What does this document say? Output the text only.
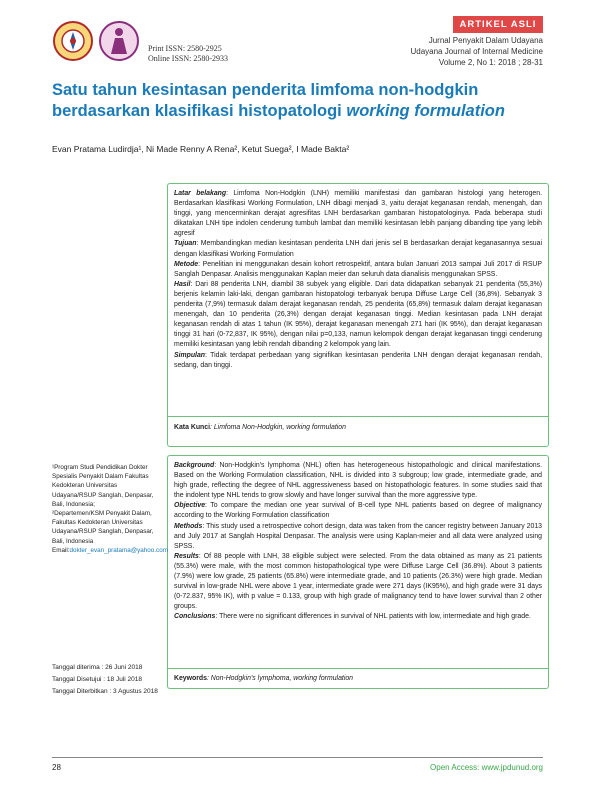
ARTIKEL ASLI
Print ISSN: 2580-2925
Online ISSN: 2580-2933
Jurnal Penyakit Dalam Udayana
Udayana Journal of Internal Medicine
Volume 2, No 1: 2018 ; 28-31
Satu tahun kesintasan penderita limfoma non-hodgkin
berdasarkan klasifikasi histopatologi working formulation
Evan Pratama Ludirdja¹, Ni Made Renny A Rena², Ketut Suega², I Made Bakta²

Latar belakang: Limfoma Non-Hodgkin (LNH) memiliki manifestasi dan gambaran histologi yang heterogen. Berdasarkan klasifikasi Working Formulation, LNH dibagi menjadi 3, yaitu derajat keganasan rendah, menengah, dan tinggi, yang mencerminkan derajat agresifitas LNH berdasarkan gambaran histopatologinya. Pada beberapa studi dikatakan LNH tipe indolen cenderung tumbuh lambat dan memiliki kesintasan lebih panjang dibanding tipe yang lebih agresif

Tujuan: Membandingkan median kesintasan penderita LNH dari jenis sel B berdasarkan derajat keganasannya sesuai dengan klasifikasi Working Formulation

Metode: Penelitian ini menggunakan desain kohort retrospektif, antara bulan Januari 2013 sampai Juli 2017 di RSUP Sanglah Denpasar. Analisis menggunakan Kaplan meier dan seluruh data dianalisis menggunakan SPSS.

Hasil: Dari 88 penderita LNH, diambil 38 subyek yang eligible. Dari data didapatkan sebanyak 21 penderita (55,3%) berjenis kelamin laki-laki, dengan gambaran histopatologi terbanyak berupa Diffuse Large Cell (36,8%). Sebanyak 3 penderita (7,9%) termasuk dalam derajat keganasan rendah, 25 penderita (65,8%) termasuk dalam derajat keganasan menengah, dan 10 penderita (26,3%) dengan derajat keganasan tinggi. Median kesintasan pada LNH derajat keganasan rendah di atas 1 tahun (IK 95%), derajat keganasan menengah 271 hari (IK 95%), dan derajat keganasan tinggi 31 hari (0-72,837, IK 95%), dengan nilai p=0,133, namun kelompok dengan derajat keganasan tinggi cenderung memiliki kesintasan yang lebih rendah dibanding 2 kelompok yang lain.

Simpulan: Tidak terdapat perbedaan yang signifikan kesintasan penderita LNH dengan derajat keganasan rendah, sedang, dan tinggi.

Kata Kunci: Limfoma Non-Hodgkin, working formulation

Background: Non-Hodgkin's lymphoma (NHL) often has heterogeneous histopathologic and clinical manifestations. Based on the Working Formulation classification, NHL is divided into 3 subgroup; low grade, intermediate grade, and high grade, reflecting the degree of NHL aggressiveness based on histopathologic features. In some studies said that the indolent type NHL tends to grow slowly and have longer survival than the more aggressive type.

Objective: To compare the median one year survival of B-cell type NHL patients based on degree of malignancy according to the Working Formulation classification

Methods: This study used a retrospective cohort design, data was taken from the cancer registry between January 2013 and July 2017 at Sanglah Hospital Denpasar. The analysis were using Kaplan-meier and all data were analyzed using SPSS.

Results: Of 88 people with LNH, 38 eligible subject were selected. From the data obtained as many as 21 patients (55.3%) were male, with the most common histopathological type were Diffuse Large Cell (36.8%). About 3 patients (7.9%) were low grade, 25 patients (65.8%) were intermediate grade, and 10 patients (26.3%) were high grade. Median survival in low-grade NHL were above 1 year, intermediate grade were 271 days (IK95%), and high grade were 31 days (0-72.837, 95% IK), with p value = 0.133, group with high grade of malignancy tend to have lower survival than 2 other groups.

Conclusions: There were no significant differences in survival of NHL patients with low, intermediate and high grade.

Keywords: Non-Hodgkin's lymphoma, working formulation

¹Program Studi Pendidikan Dokter Spesialis Penyakit Dalam Fakultas Kedokteran Universitas Udayana/RSUP Sanglah, Denpasar, Bali, Indonesia;

²Departemen/KSM Penyakit Dalam, Fakultas Kedokteran Universitas Udayana/RSUP Sanglah, Denpasar, Bali, Indonesia

Email:dokter_evan_pratama@yahoo.com

Tanggal diterima : 26 Juni 2018
Tanggal Disetujui : 18 Juli 2018
Tanggal Diterbitkan : 3 Agustus 2018
28	Open Access: www.jpdunud.org
